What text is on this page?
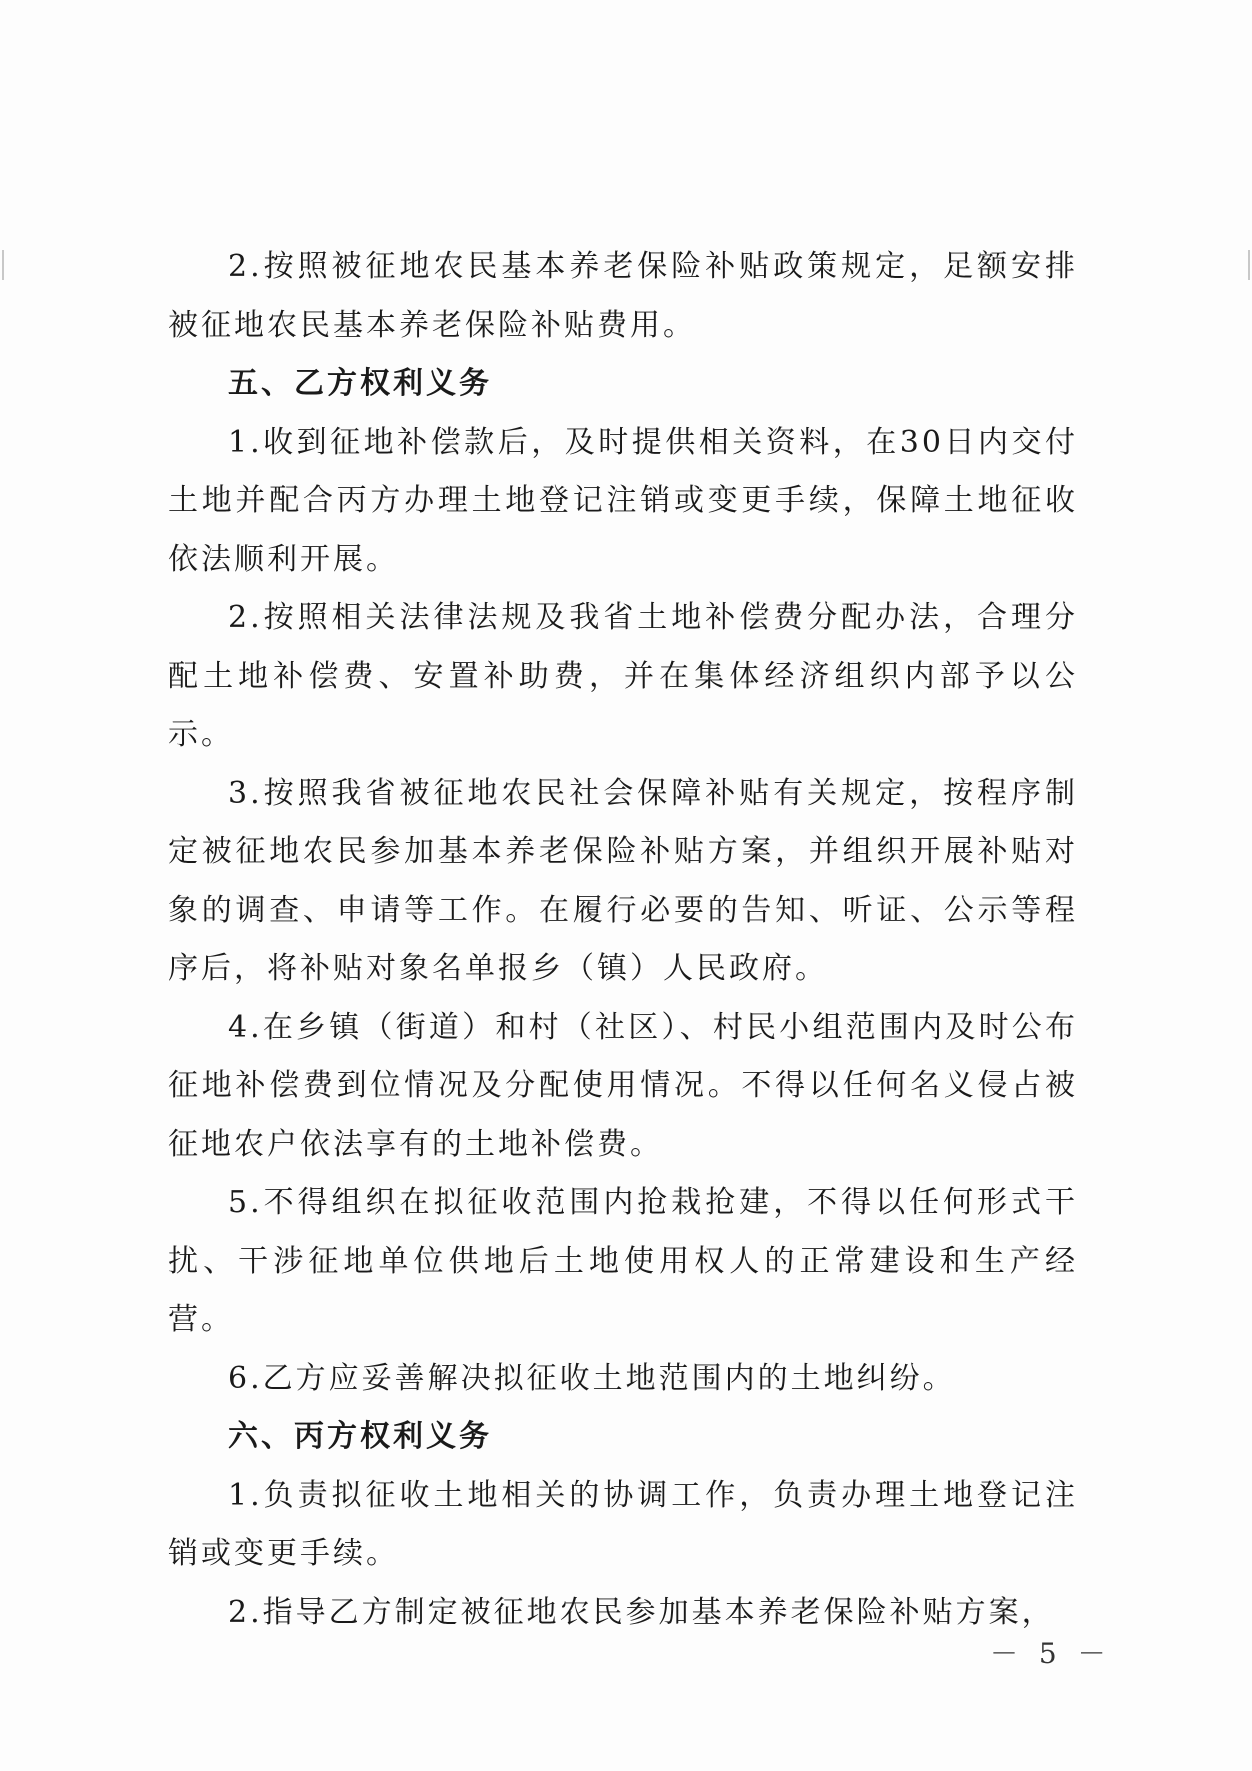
2.按照被征地农民基本养老保险补贴政策规定，足额安排被征地农民基本养老保险补贴费用。

五、乙方权利义务

1.收到征地补偿款后，及时提供相关资料，在30日内交付土地并配合丙方办理土地登记注销或变更手续，保障土地征收依法顺利开展。

2.按照相关法律法规及我省土地补偿费分配办法，合理分配土地补偿费、安置补助费，并在集体经济组织内部予以公示。

3.按照我省被征地农民社会保障补贴有关规定，按程序制定被征地农民参加基本养老保险补贴方案，并组织开展补贴对象的调查、申请等工作。在履行必要的告知、听证、公示等程序后，将补贴对象名单报乡（镇）人民政府。

4.在乡镇（街道）和村（社区）、村民小组范围内及时公布征地补偿费到位情况及分配使用情况。不得以任何名义侵占被征地农户依法享有的土地补偿费。

5.不得组织在拟征收范围内抢栽抢建，不得以任何形式干扰、干涉征地单位供地后土地使用权人的正常建设和生产经营。

6.乙方应妥善解决拟征收土地范围内的土地纠纷。

六、丙方权利义务

1.负责拟征收土地相关的协调工作，负责办理土地登记注销或变更手续。

2.指导乙方制定被征地农民参加基本养老保险补贴方案，

－ 5 －
